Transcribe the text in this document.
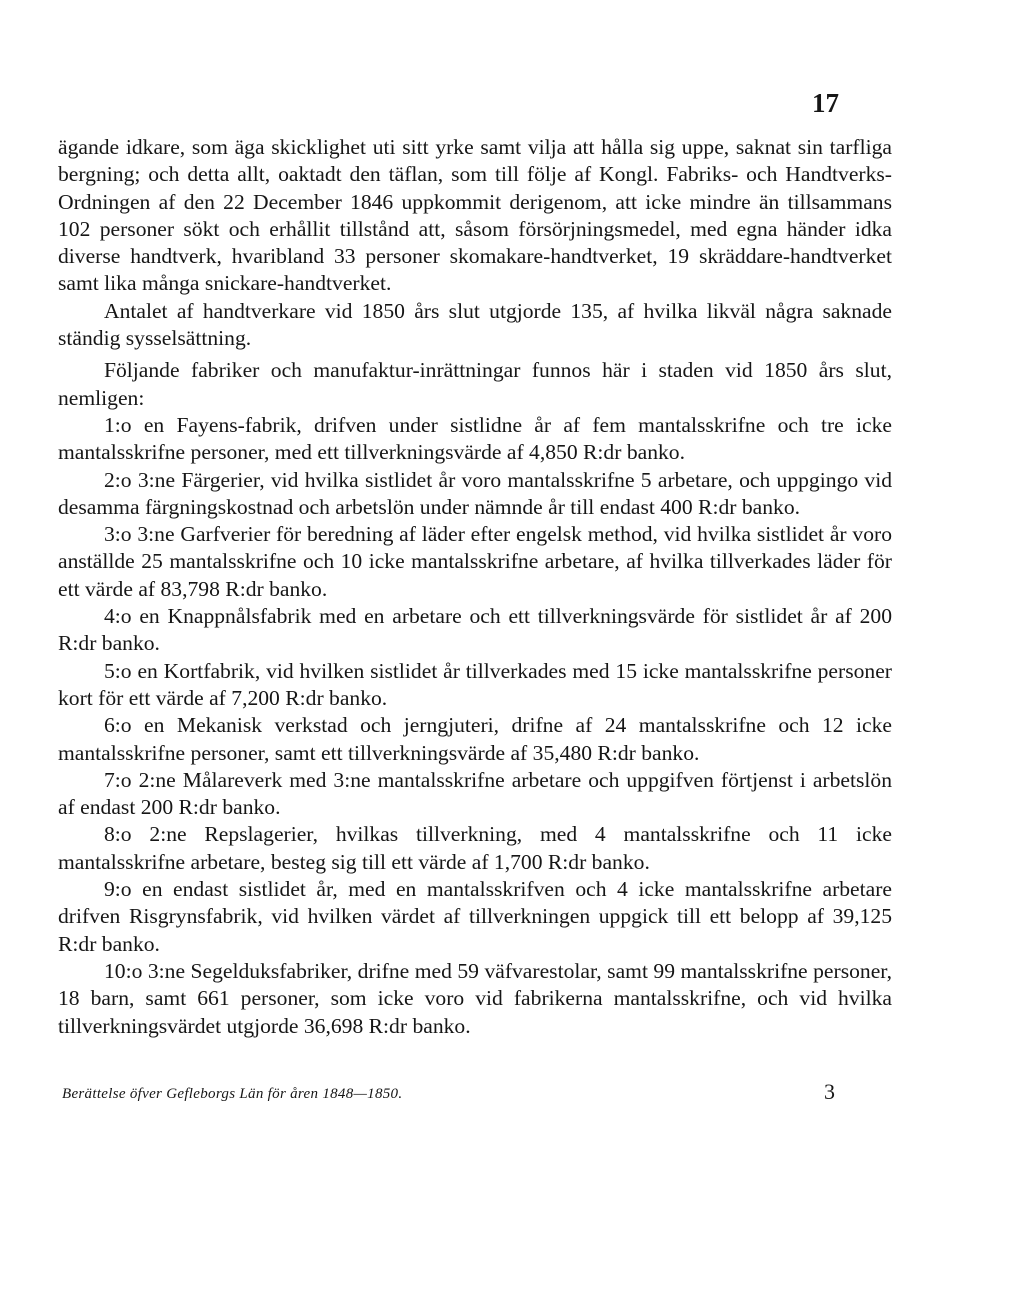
17

ägande idkare, som äga skicklighet uti sitt yrke samt vilja att hålla sig uppe, saknat sin tarfliga bergning; och detta allt, oaktadt den täflan, som till följe af Kongl. Fabriks- och Handtverks-Ordningen af den 22 December 1846 uppkommit derigenom, att icke mindre än tillsammans 102 personer sökt och erhållit tillstånd att, såsom försörjningsmedel, med egna händer idka diverse handtverk, hvaribland 33 personer skomakare-handtverket, 19 skräddare-handtverket samt lika många snickare-handtverket.

Antalet af handtverkare vid 1850 års slut utgjorde 135, af hvilka likväl några saknade ständig sysselsättning.

Följande fabriker och manufaktur-inrättningar funnos här i staden vid 1850 års slut, nemligen:

1:o en Fayens-fabrik, drifven under sistlidne år af fem mantalsskrifne och tre icke mantalsskrifne personer, med ett tillverkningsvärde af 4,850 R:dr banko.

2:o 3:ne Färgerier, vid hvilka sistlidet år voro mantalsskrifne 5 arbetare, och uppgingo vid desamma färgningskostnad och arbetslön under nämnde år till endast 400 R:dr banko.

3:o 3:ne Garfverier för beredning af läder efter engelsk method, vid hvilka sistlidet år voro anställde 25 mantalsskrifne och 10 icke mantalsskrifne arbetare, af hvilka tillverkades läder för ett värde af 83,798 R:dr banko.

4:o en Knappnålsfabrik med en arbetare och ett tillverkningsvärde för sistlidet år af 200 R:dr banko.

5:o en Kortfabrik, vid hvilken sistlidet år tillverkades med 15 icke mantalsskrifne personer kort för ett värde af 7,200 R:dr banko.

6:o en Mekanisk verkstad och jerngjuteri, drifne af 24 mantalsskrifne och 12 icke mantalsskrifne personer, samt ett tillverkningsvärde af 35,480 R:dr banko.

7:o 2:ne Målareverk med 3:ne mantalsskrifne arbetare och uppgifven förtjenst i arbetslön af endast 200 R:dr banko.

8:o 2:ne Repslagerier, hvilkas tillverkning, med 4 mantalsskrifne och 11 icke mantalsskrifne arbetare, besteg sig till ett värde af 1,700 R:dr banko.

9:o en endast sistlidet år, med en mantalsskrifven och 4 icke mantalsskrifne arbetare drifven Risgrynsfabrik, vid hvilken värdet af tillverkningen uppgick till ett belopp af 39,125 R:dr banko.

10:o 3:ne Segelduksfabriker, drifne med 59 väfvarestolar, samt 99 mantalsskrifne personer, 18 barn, samt 661 personer, som icke voro vid fabrikerna mantalsskrifne, och vid hvilka tillverkningsvärdet utgjorde 36,698 R:dr banko.

Berättelse öfver Gefleborgs Län för åren 1848—1850.	3
